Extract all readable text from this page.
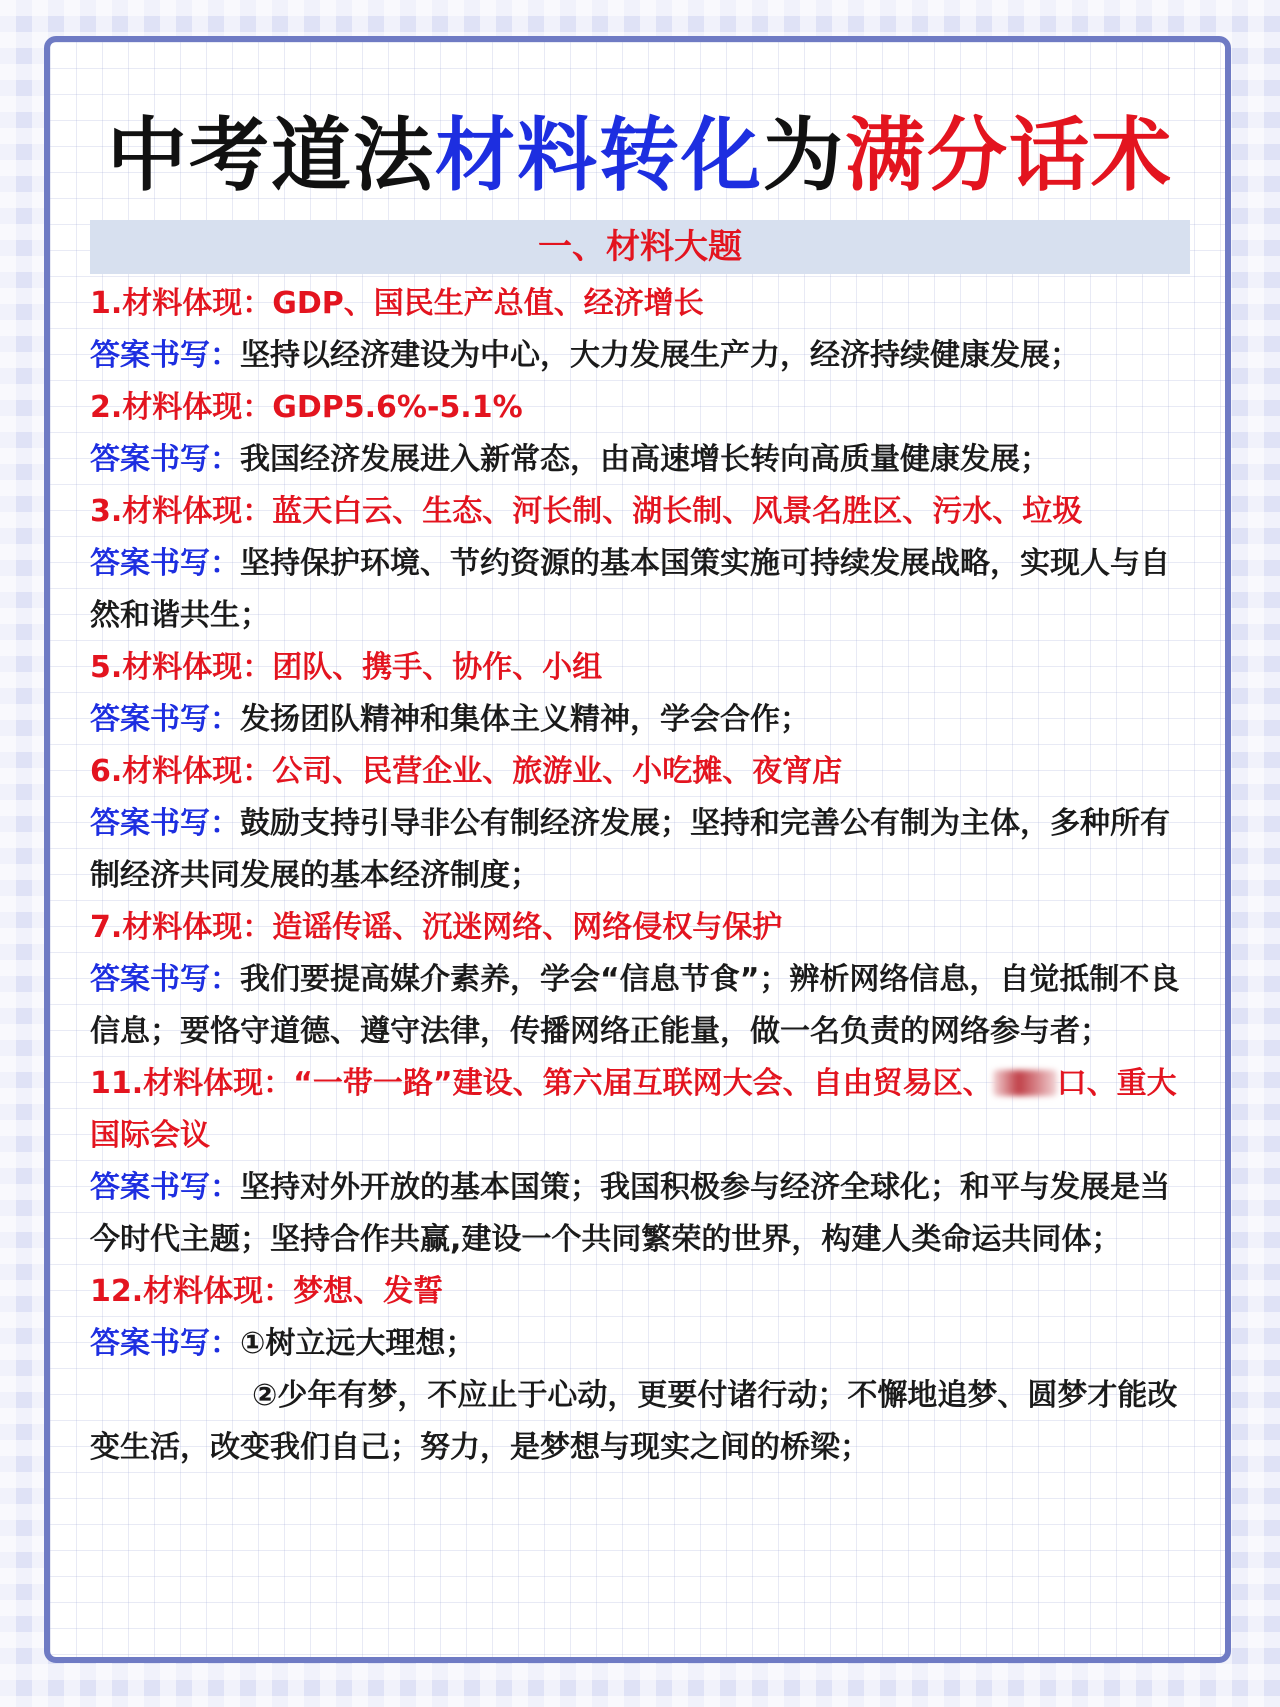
中考道法材料转化为满分话术
一、材料大题

1.材料体现：GDP、国民生产总值、经济增长

答案书写：坚持以经济建设为中心，大力发展生产力，经济持续健康发展；

2.材料体现：GDP5.6%-5.1%

答案书写：我国经济发展进入新常态，由高速增长转向高质量健康发展；

3.材料体现：蓝天白云、生态、河长制、湖长制、风景名胜区、污水、垃圾

答案书写：坚持保护环境、节约资源的基本国策实施可持续发展战略，实现人与自然和谐共生；

5.材料体现：团队、携手、协作、小组

答案书写：发扬团队精神和集体主义精神，学会合作；

6.材料体现：公司、民营企业、旅游业、小吃摊、夜宵店

答案书写：鼓励支持引导非公有制经济发展；坚持和完善公有制为主体，多种所有制经济共同发展的基本经济制度；

7.材料体现：造谣传谣、沉迷网络、网络侵权与保护

答案书写：我们要提高媒介素养，学会“信息节食”；辨析网络信息，自觉抵制不良信息；要恪守道德、遵守法律，传播网络正能量，做一名负责的网络参与者；

11.材料体现：“一带一路”建设、第六届互联网大会、自由贸易区、 口、重大国际会议

答案书写：坚持对外开放的基本国策；我国积极参与经济全球化；和平与发展是当今时代主题；坚持合作共赢,建设一个共同繁荣的世界，构建人类命运共同体；

12.材料体现：梦想、发誓

答案书写：①树立远大理想；

②少年有梦，不应止于心动，更要付诸行动；不懈地追梦、圆梦才能改变生活，改变我们自己；努力，是梦想与现实之间的桥梁；
